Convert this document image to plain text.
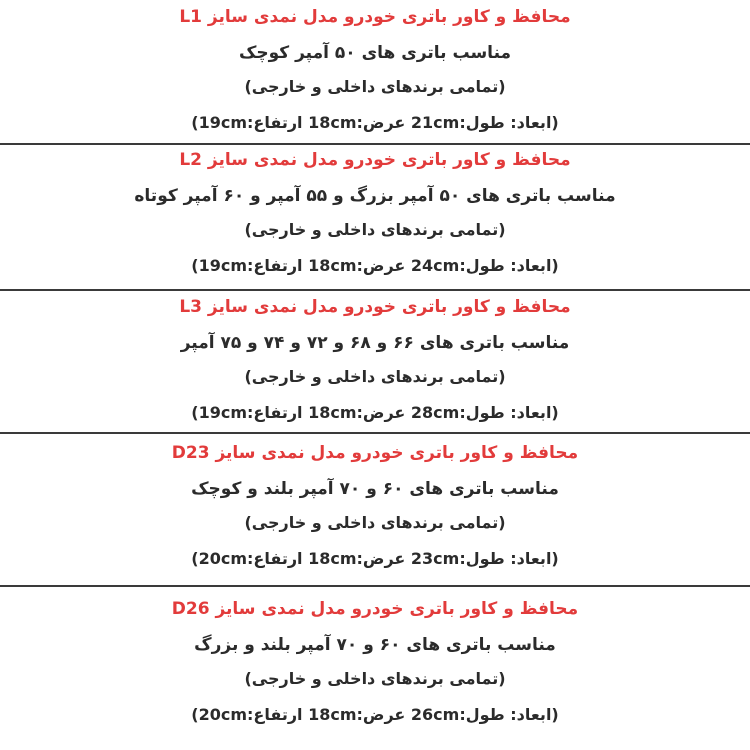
محافظ و کاور باتری خودرو مدل نمدی سایز L1
مناسب باتری های ۵۰ آمپر کوچک
(تمامی برندهای داخلی و خارجی)
(ابعاد: طول:21cm عرض:18cm ارتفاع:19cm)
محافظ و کاور باتری خودرو مدل نمدی سایز L2
مناسب باتری های ۵۰ آمپر بزرگ و ۵۵ آمپر و ۶۰ آمپر کوتاه
(تمامی برندهای داخلی و خارجی)
(ابعاد: طول:24cm عرض:18cm ارتفاع:19cm)
محافظ و کاور باتری خودرو مدل نمدی سایز L3
مناسب باتری های ۶۶ و ۶۸ و ۷۲ و ۷۴ و ۷۵ آمپر
(تمامی برندهای داخلی و خارجی)
(ابعاد: طول:28cm عرض:18cm ارتفاع:19cm)
محافظ و کاور باتری خودرو مدل نمدی سایز D23
مناسب باتری های ۶۰ و ۷۰ آمپر بلند و کوچک
(تمامی برندهای داخلی و خارجی)
(ابعاد: طول:23cm عرض:18cm ارتفاع:20cm)
محافظ و کاور باتری خودرو مدل نمدی سایز D26
مناسب باتری های ۶۰ و ۷۰ آمپر بلند و بزرگ
(تمامی برندهای داخلی و خارجی)
(ابعاد: طول:26cm عرض:18cm ارتفاع:20cm)
